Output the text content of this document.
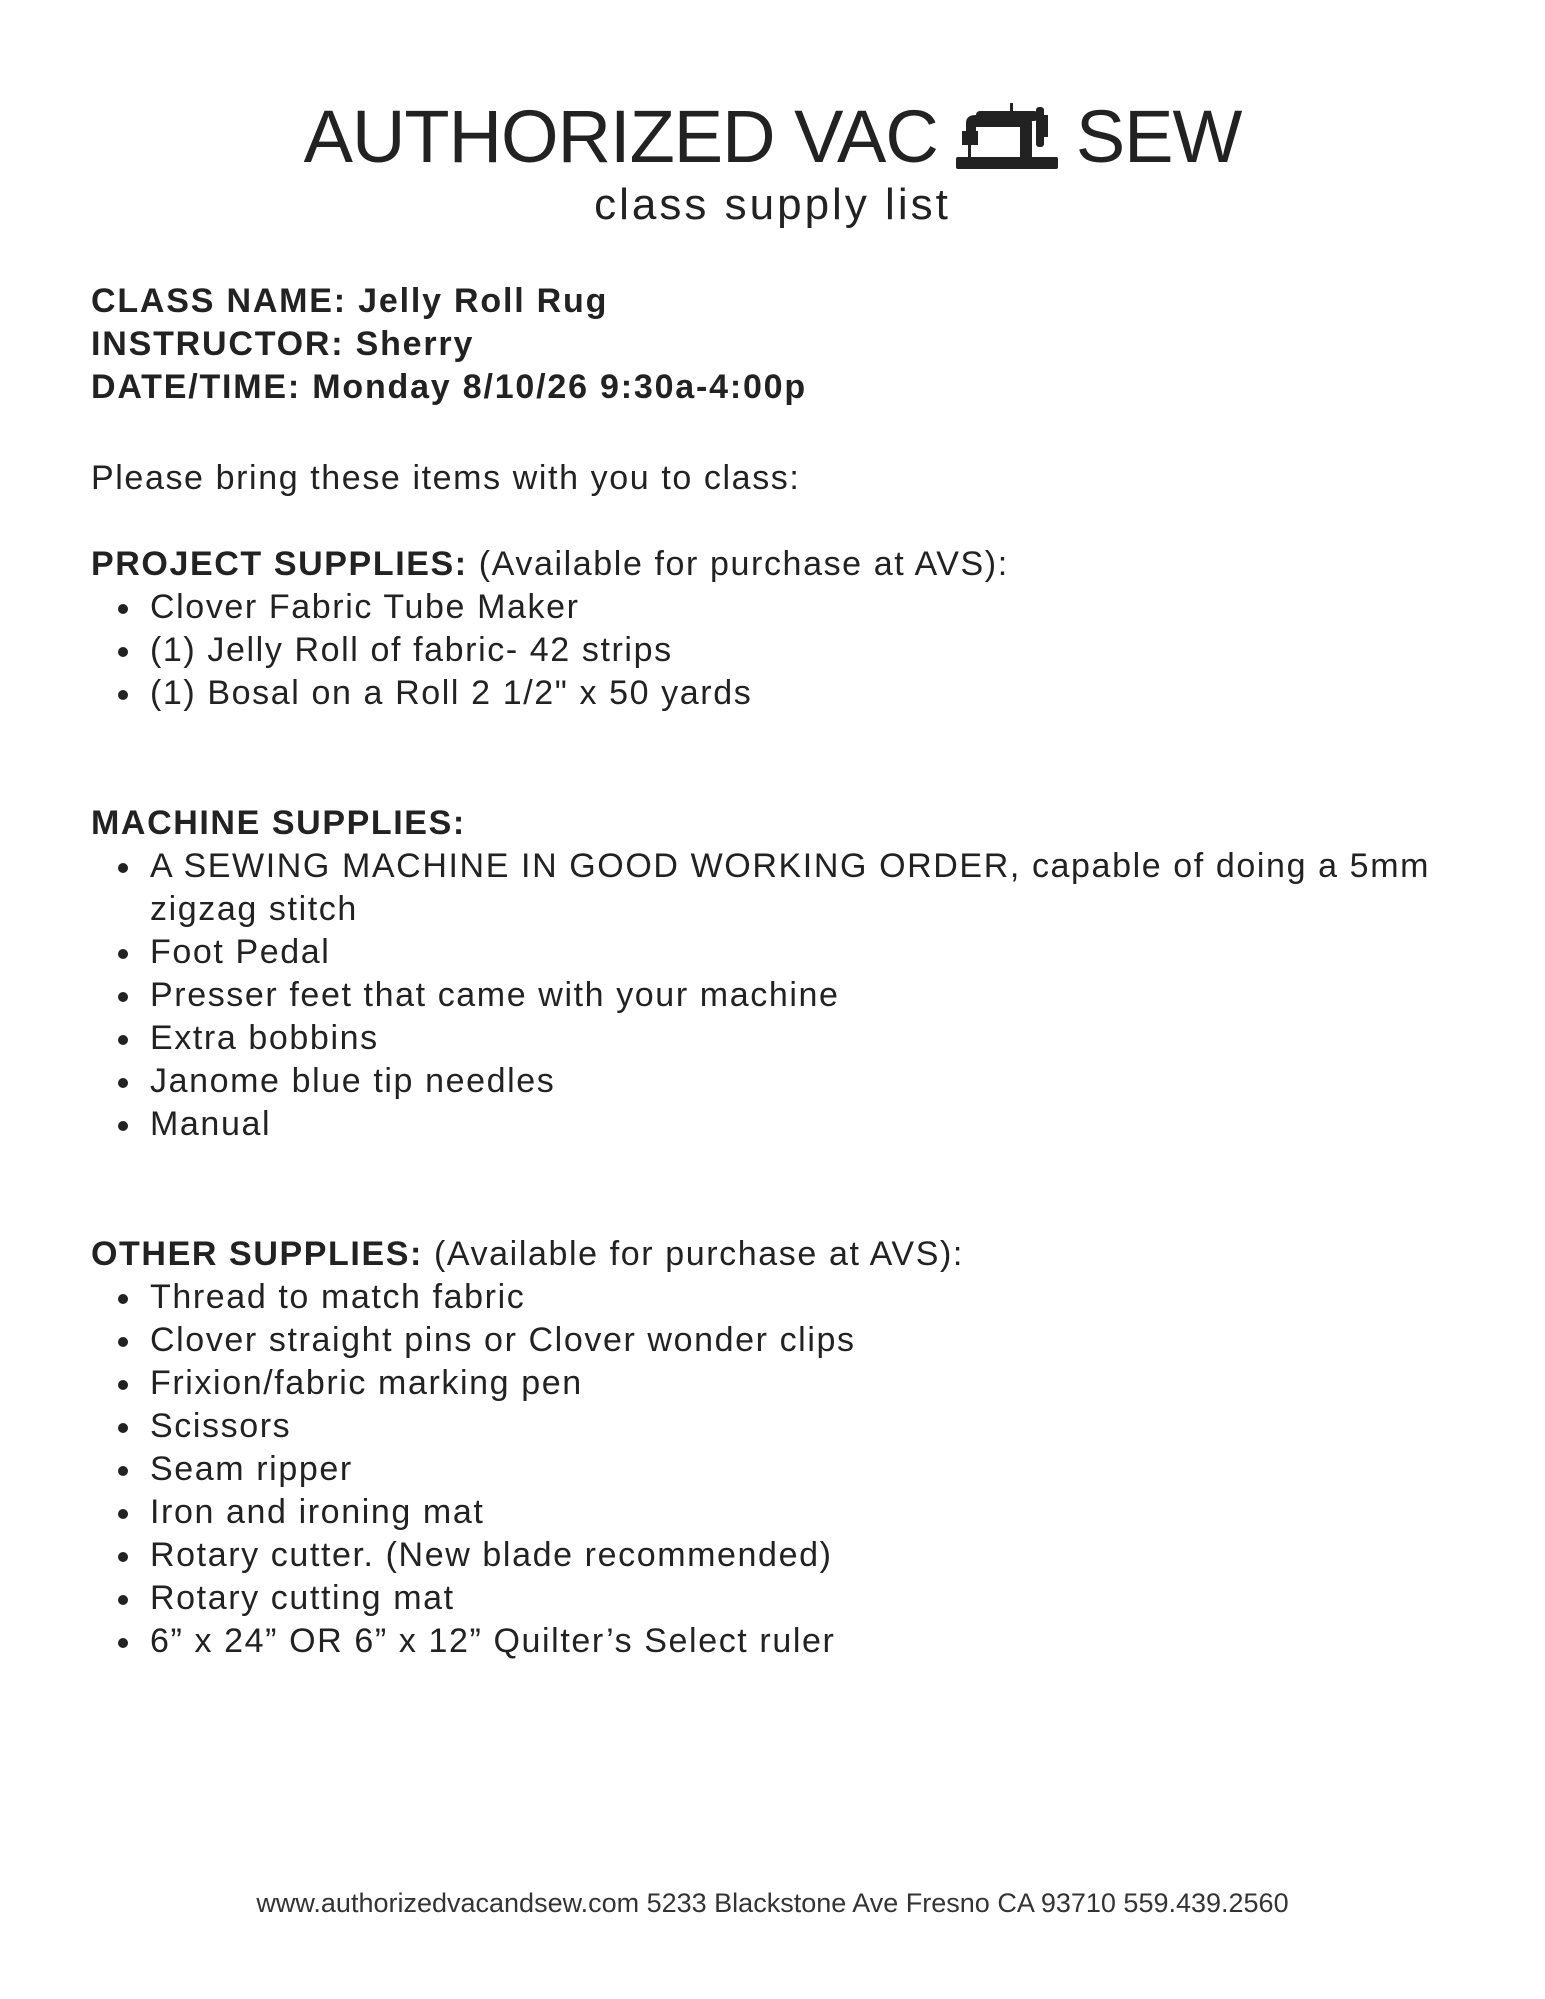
AUTHORIZED VAC SEW
class supply list
CLASS NAME: Jelly Roll Rug
INSTRUCTOR: Sherry
DATE/TIME: Monday 8/10/26 9:30a-4:00p
Please bring these items with you to class:
PROJECT SUPPLIES: (Available for purchase at AVS):
Clover Fabric Tube Maker
(1) Jelly Roll of fabric- 42 strips
(1) Bosal on a Roll 2 1/2" x 50 yards
MACHINE SUPPLIES:
A SEWING MACHINE IN GOOD WORKING ORDER, capable of doing a 5mm zigzag stitch
Foot Pedal
Presser feet that came with your machine
Extra bobbins
Janome blue tip needles
Manual
OTHER SUPPLIES: (Available for purchase at AVS):
Thread to match fabric
Clover straight pins or Clover wonder clips
Frixion/fabric marking pen
Scissors
Seam ripper
Iron and ironing mat
Rotary cutter. (New blade recommended)
Rotary cutting mat
6” x 24” OR 6” x 12” Quilter’s Select ruler
www.authorizedvacandsew.com 5233 Blackstone Ave Fresno CA 93710 559.439.2560
